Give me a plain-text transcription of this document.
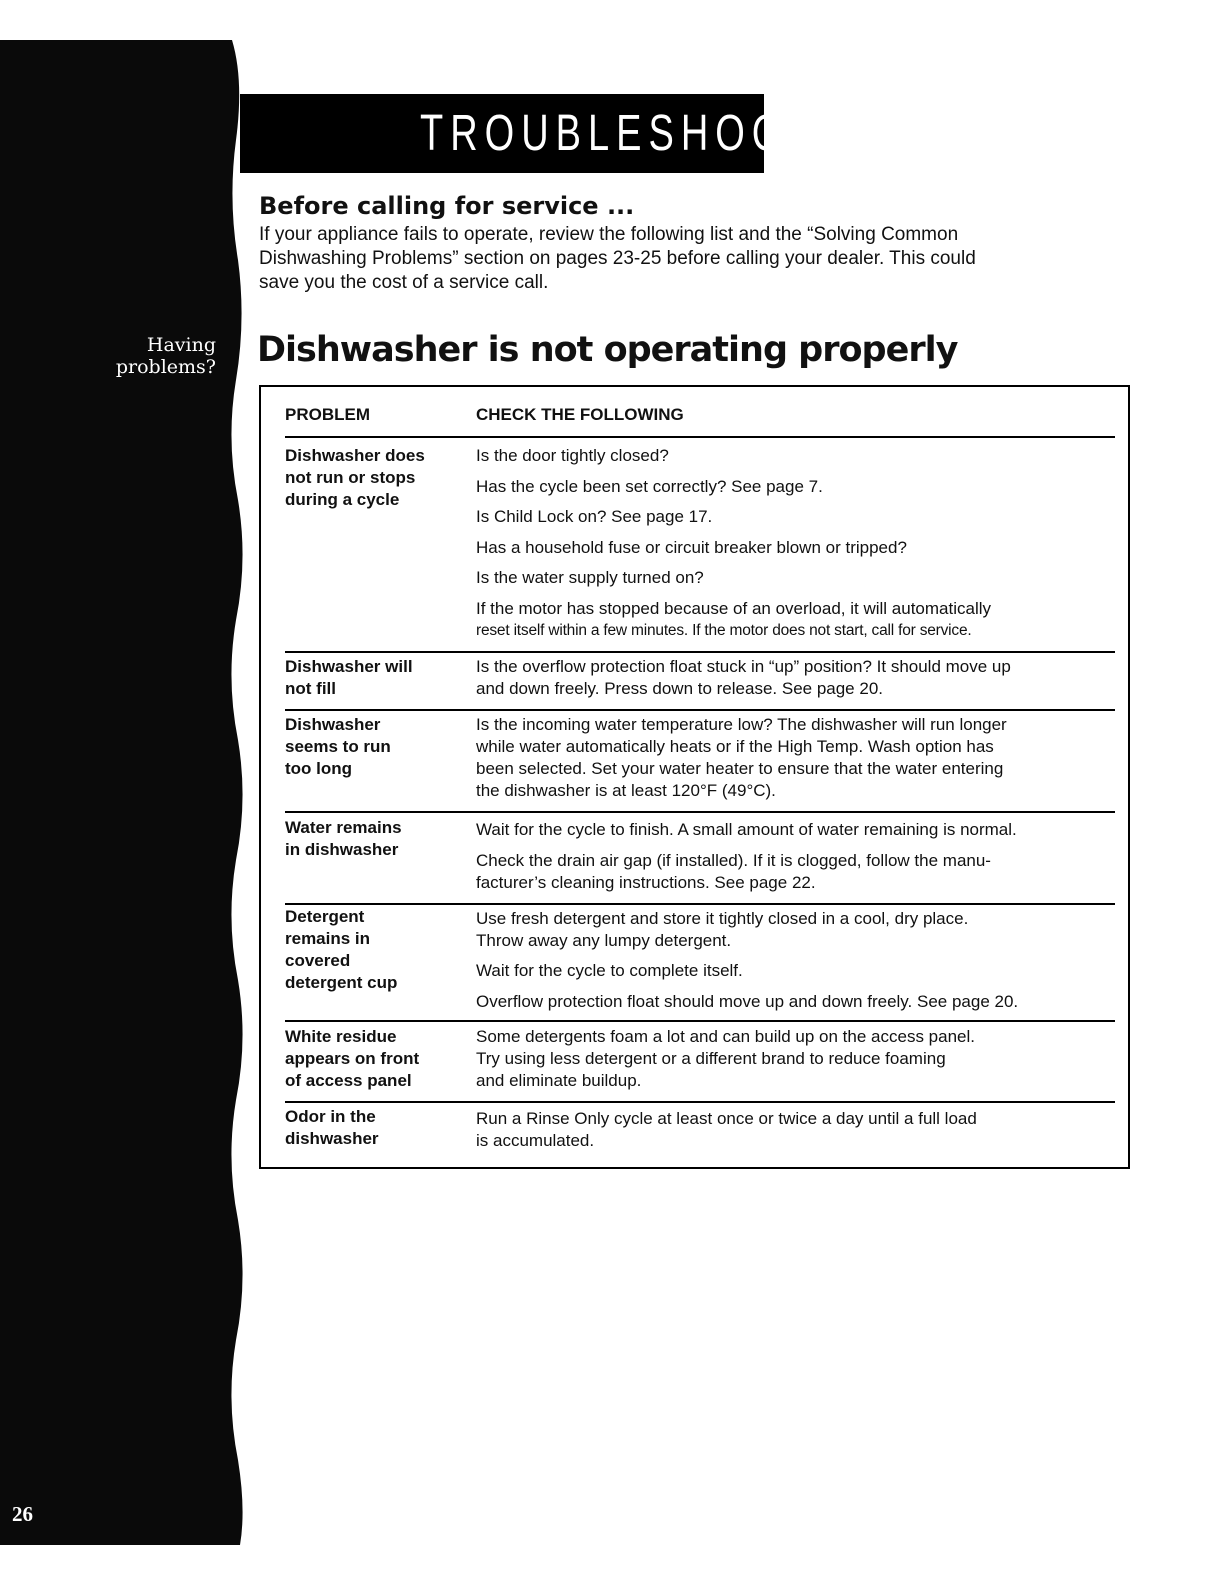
Having
problems?
26
TROUBLESHOOTING
Before calling for service ...
If your appliance fails to operate, review the following list and the “Solving Common
Dishwashing Problems” section on pages 23-25 before calling your dealer. This could
save you the cost of a service call.
Dishwasher is not operating properly
PROBLEM	CHECK THE FOLLOWING
Dishwasher does
not run or stops
during a cycle
Is the door tightly closed?
Has the cycle been set correctly? See page 7.
Is Child Lock on? See page 17.
Has a household fuse or circuit breaker blown or tripped?
Is the water supply turned on?
If the motor has stopped because of an overload, it will automatically
reset itself within a few minutes. If the motor does not start, call for service.
Dishwasher will
not fill
Is the overflow protection float stuck in “up” position? It should move up
and down freely. Press down to release. See page 20.
Dishwasher
seems to run
too long
Is the incoming water temperature low? The dishwasher will run longer
while water automatically heats or if the High Temp. Wash option has
been selected. Set your water heater to ensure that the water entering
the dishwasher is at least 120°F (49°C).
Water remains
in dishwasher
Wait for the cycle to finish. A small amount of water remaining is normal.
Check the drain air gap (if installed). If it is clogged, follow the manu-
facturer’s cleaning instructions. See page 22.
Detergent
remains in
covered
detergent cup
Use fresh detergent and store it tightly closed in a cool, dry place.
Throw away any lumpy detergent.
Wait for the cycle to complete itself.
Overflow protection float should move up and down freely. See page 20.
White residue
appears on front
of access panel
Some detergents foam a lot and can build up on the access panel.
Try using less detergent or a different brand to reduce foaming
and eliminate buildup.
Odor in the
dishwasher
Run a Rinse Only cycle at least once or twice a day until a full load
is accumulated.
